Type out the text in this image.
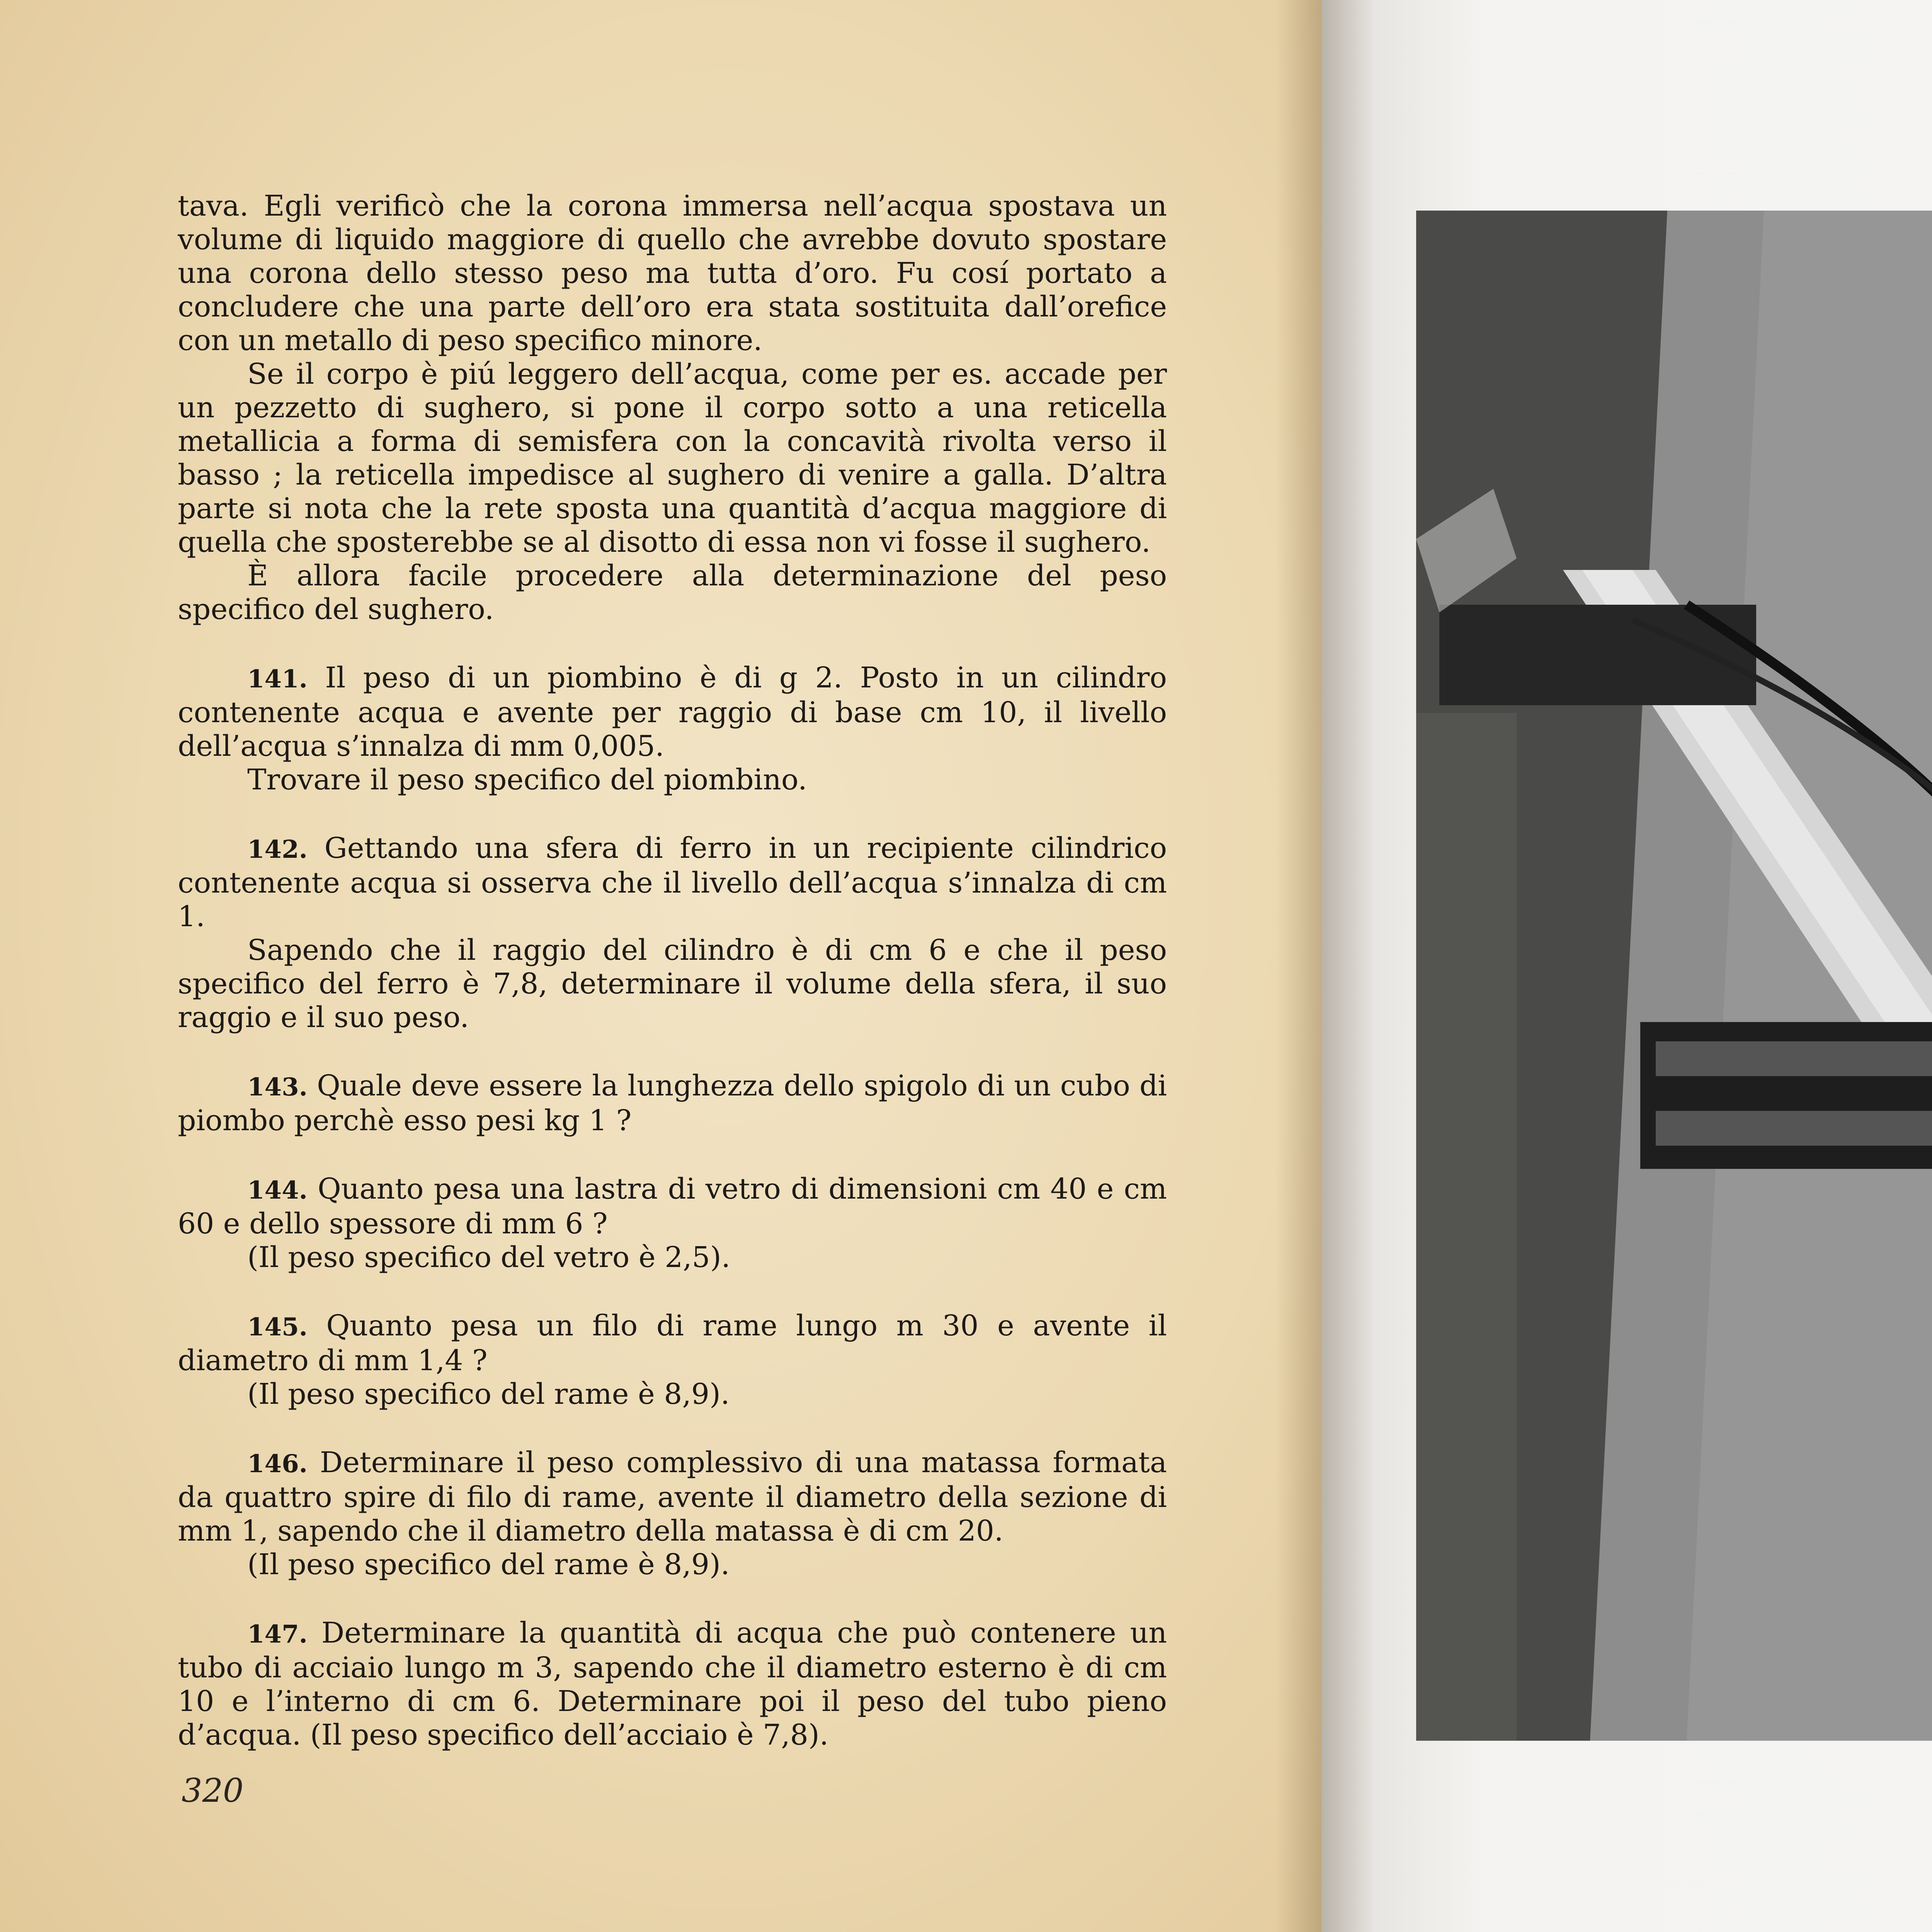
tava. Egli verificò che la corona immersa nell’acqua spostava un volume di liquido maggiore di quello che avrebbe dovuto spostare una corona dello stesso peso ma tutta d’oro. Fu cosí portato a concludere che una parte dell’oro era stata sostituita dall’orefice con un metallo di peso specifico minore.

Se il corpo è piú leggero dell’acqua, come per es. accade per un pezzetto di sughero, si pone il corpo sotto a una reticella metallicia a forma di semisfera con la concavità rivolta verso il basso ; la reticella impedisce al sughero di venire a galla. D’altra parte si nota che la rete sposta una quantità d’acqua maggiore di quella che sposterebbe se al disotto di essa non vi fosse il sughero.

È allora facile procedere alla determinazione del peso specifico del sughero.

141. Il peso di un piombino è di g 2. Posto in un cilindro contenente acqua e avente per raggio di base cm 10, il livello dell’acqua s’innalza di mm 0,005.

Trovare il peso specifico del piombino.

142. Gettando una sfera di ferro in un recipiente cilindrico contenente acqua si osserva che il livello dell’acqua s’innalza di cm 1.

Sapendo che il raggio del cilindro è di cm 6 e che il peso specifico del ferro è 7,8, determinare il volume della sfera, il suo raggio e il suo peso.

143. Quale deve essere la lunghezza dello spigolo di un cubo di piombo perchè esso pesi kg 1 ?

144. Quanto pesa una lastra di vetro di dimensioni cm 40 e cm 60 e dello spessore di mm 6 ?

(Il peso specifico del vetro è 2,5).

145. Quanto pesa un filo di rame lungo m 30 e avente il diametro di mm 1,4 ?

(Il peso specifico del rame è 8,9).

146. Determinare il peso complessivo di una matassa formata da quattro spire di filo di rame, avente il diametro della sezione di mm 1, sapendo che il diametro della matassa è di cm 20.

(Il peso specifico del rame è 8,9).

147. Determinare la quantità di acqua che può contenere un tubo di acciaio lungo m 3, sapendo che il diametro esterno è di cm 10 e l’interno di cm 6. Determinare poi il peso del tubo pieno d’acqua. (Il peso specifico dell’acciaio è 7,8).

320
